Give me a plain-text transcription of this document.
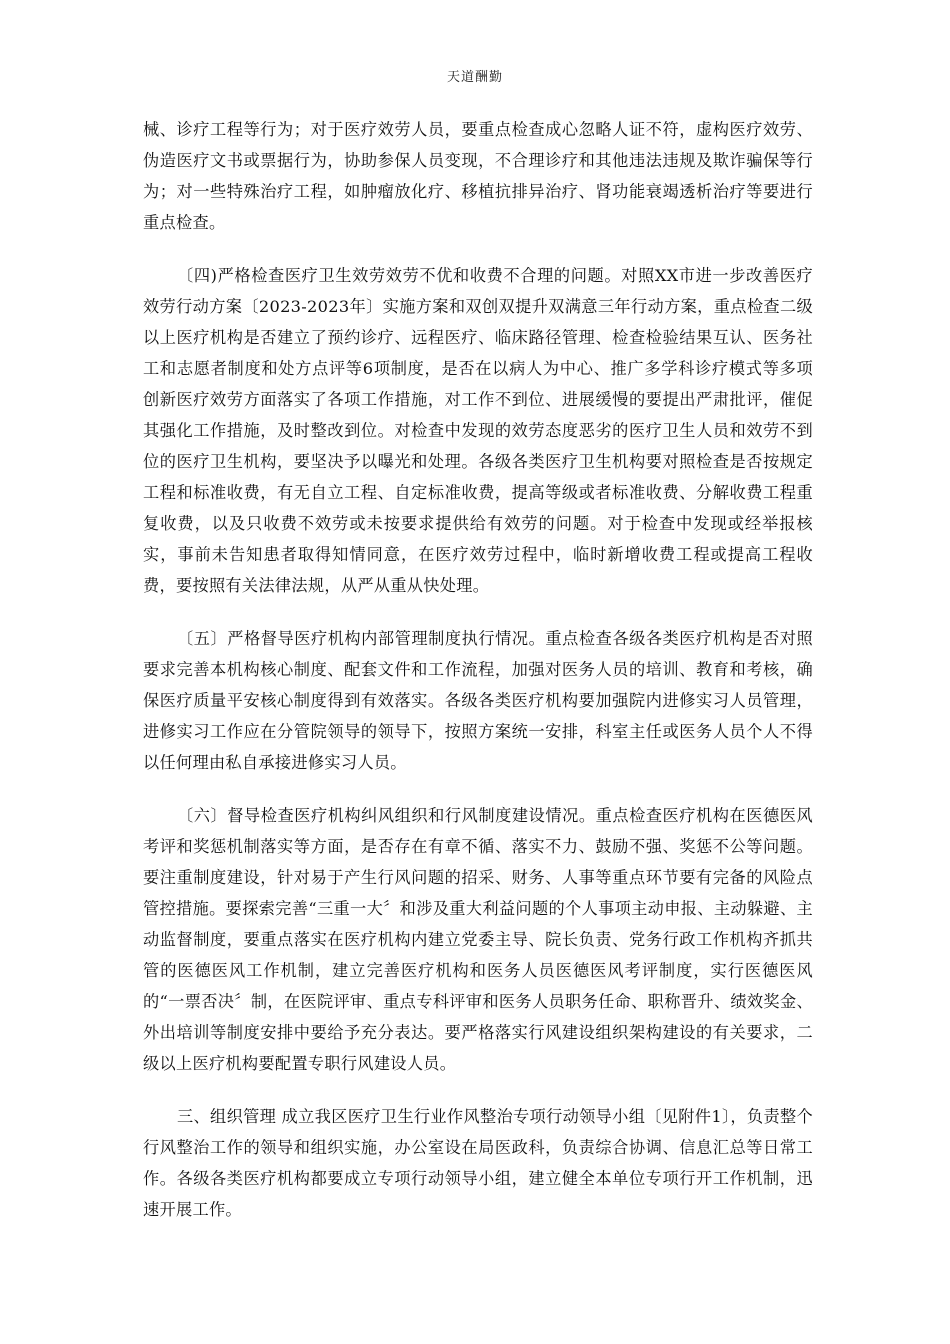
天道酬勤

械、诊疗工程等行为；对于医疗效劳人员，要重点检查成心忽略人证不符，虚构医疗效劳、伪造医疗文书或票据行为，协助参保人员变现，不合理诊疗和其他违法违规及欺诈骗保等行为；对一些特殊治疗工程，如肿瘤放化疗、移植抗排异治疗、肾功能衰竭透析治疗等要进行重点检查。

〔四)严格检查医疗卫生效劳效劳不优和收费不合理的问题。对照XX市进一步改善医疗效劳行动方案〔2023-2023年〕实施方案和双创双提升双满意三年行动方案，重点检查二级以上医疗机构是否建立了预约诊疗、远程医疗、临床路径管理、检查检验结果互认、医务社工和志愿者制度和处方点评等6项制度，是否在以病人为中心、推广多学科诊疗模式等多项创新医疗效劳方面落实了各项工作措施，对工作不到位、进展缓慢的要提出严肃批评，催促其强化工作措施，及时整改到位。对检查中发现的效劳态度恶劣的医疗卫生人员和效劳不到位的医疗卫生机构，要坚决予以曝光和处理。各级各类医疗卫生机构要对照检查是否按规定工程和标准收费，有无自立工程、自定标准收费，提高等级或者标准收费、分解收费工程重复收费，以及只收费不效劳或未按要求提供给有效劳的问题。对于检查中发现或经举报核实，事前未告知患者取得知情同意，在医疗效劳过程中，临时新增收费工程或提高工程收费，要按照有关法律法规，从严从重从快处理。

〔五〕严格督导医疗机构内部管理制度执行情况。重点检查各级各类医疗机构是否对照要求完善本机构核心制度、配套文件和工作流程，加强对医务人员的培训、教育和考核，确保医疗质量平安核心制度得到有效落实。各级各类医疗机构要加强院内进修实习人员管理，进修实习工作应在分管院领导的领导下，按照方案统一安排，科室主任或医务人员个人不得以任何理由私自承接进修实习人员。

〔六〕督导检查医疗机构纠风组织和行风制度建设情况。重点检查医疗机构在医德医风考评和奖惩机制落实等方面，是否存在有章不循、落实不力、鼓励不强、奖惩不公等问题。要注重制度建设，针对易于产生行风问题的招采、财务、人事等重点环节要有完备的风险点管控措施。要探索完善“三重一大〞和涉及重大利益问题的个人事项主动申报、主动躲避、主动监督制度，要重点落实在医疗机构内建立党委主导、院长负责、党务行政工作机构齐抓共管的医德医风工作机制，建立完善医疗机构和医务人员医德医风考评制度，实行医德医风的“一票否决〞制，在医院评审、重点专科评审和医务人员职务任命、职称晋升、绩效奖金、外出培训等制度安排中要给予充分表达。要严格落实行风建设组织架构建设的有关要求，二级以上医疗机构要配置专职行风建设人员。

三、组织管理 成立我区医疗卫生行业作风整治专项行动领导小组〔见附件1〕，负责整个行风整治工作的领导和组织实施，办公室设在局医政科，负责综合协调、信息汇总等日常工作。各级各类医疗机构都要成立专项行动领导小组，建立健全本单位专项行开工作机制，迅速开展工作。
